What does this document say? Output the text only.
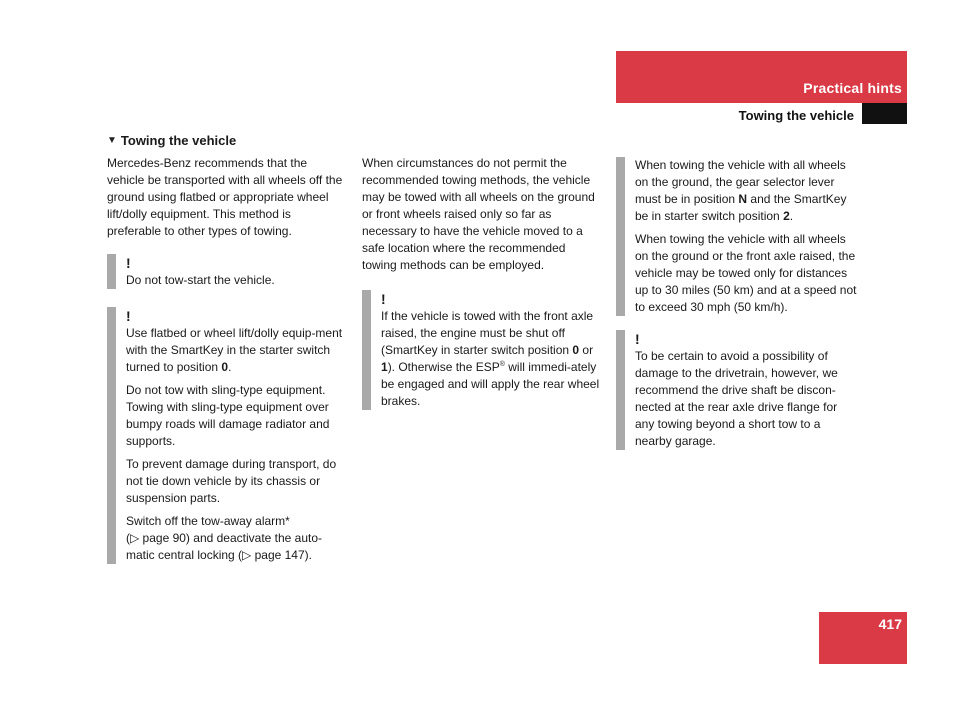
Practical hints
Towing the vehicle
▼ Towing the vehicle

Mercedes-Benz recommends that the vehicle be transported with all wheels off the ground using flatbed or appropriate wheel lift/dolly equipment. This method is preferable to other types of towing.

!

Do not tow-start the vehicle.

!

Use flatbed or wheel lift/dolly equip-ment with the SmartKey in the starter switch turned to position 0.

Do not tow with sling-type equipment. Towing with sling-type equipment over bumpy roads will damage radiator and supports.

To prevent damage during transport, do not tie down vehicle by its chassis or suspension parts.

Switch off the tow-away alarm*
(▷ page 90) and deactivate the auto-matic central locking (▷ page 147).

When circumstances do not permit the recommended towing methods, the vehicle may be towed with all wheels on the ground or front wheels raised only so far as necessary to have the vehicle moved to a safe location where the recommended towing methods can be employed.

!

If the vehicle is towed with the front axle raised, the engine must be shut off (SmartKey in starter switch position 0 or 1). Otherwise the ESP® will immedi-ately be engaged and will apply the rear wheel brakes.

When towing the vehicle with all wheels on the ground, the gear selector lever must be in position N and the SmartKey be in starter switch position 2.

When towing the vehicle with all wheels on the ground or the front axle raised, the vehicle may be towed only for distances up to 30 miles (50 km) and at a speed not to exceed 30 mph (50 km/h).

!

To be certain to avoid a possibility of damage to the drivetrain, however, we recommend the drive shaft be discon-nected at the rear axle drive flange for any towing beyond a short tow to a nearby garage.

417
